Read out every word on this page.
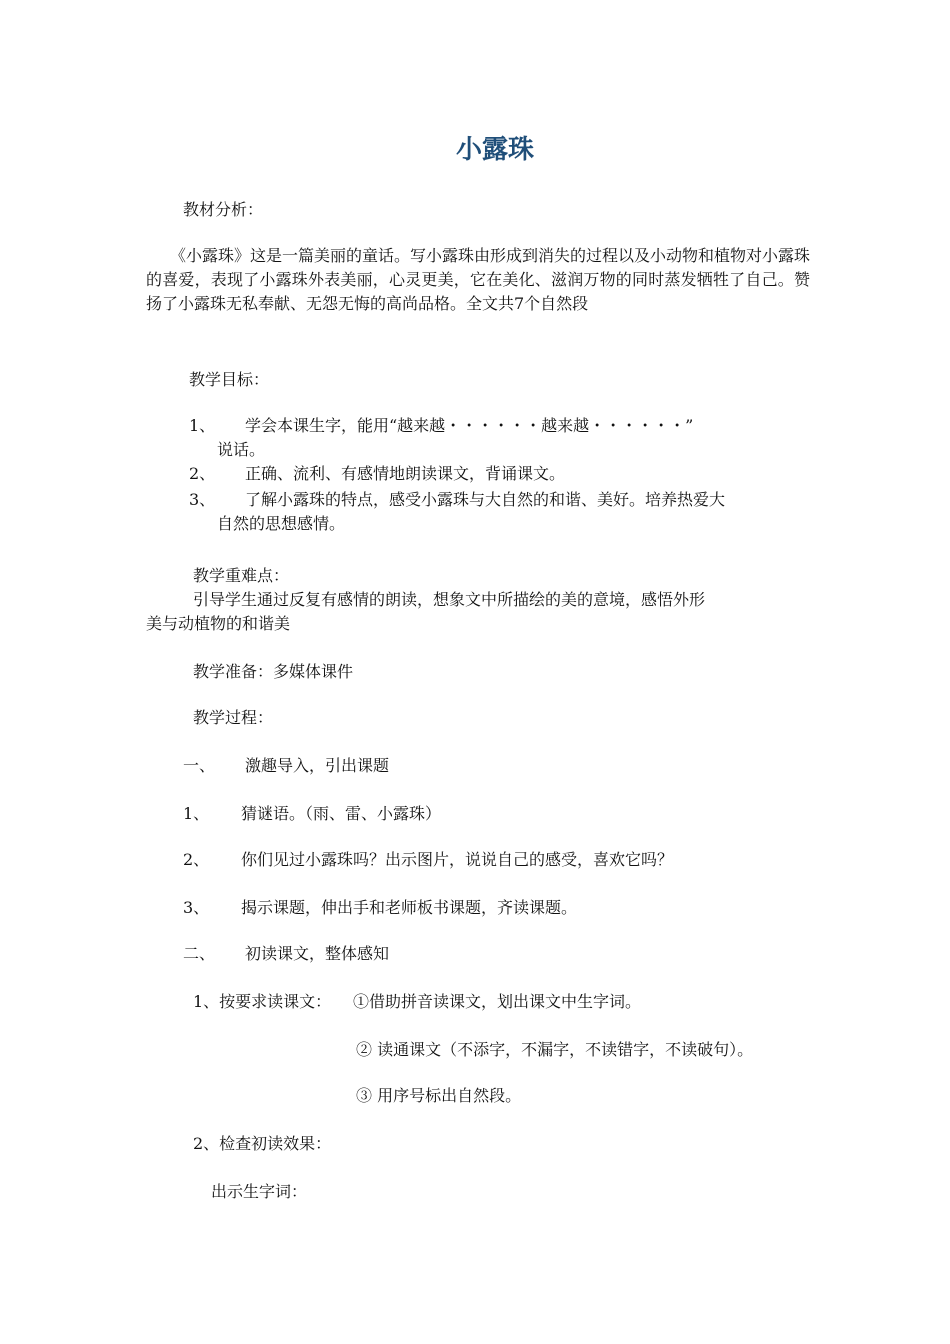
小露珠
教材分析：
《小露珠》这是一篇美丽的童话。写小露珠由形成到消失的过程以及小动物和植物对小露珠的喜爱，表现了小露珠外表美丽，心灵更美，它在美化、滋润万物的同时蒸发牺牲了自己。赞扬了小露珠无私奉献、无怨无悔的高尚品格。全文共7个自然段
教学目标：
1、 学会本课生字，能用“越来越・・・・・・越来越・・・・・・”
说话。
2、 正确、流利、有感情地朗读课文，背诵课文。
3、 了解小露珠的特点，感受小露珠与大自然的和谐、美好。培养热爱大
自然的思想感情。
教学重难点：
引导学生通过反复有感情的朗读，想象文中所描绘的美的意境，感悟外形
美与动植物的和谐美
教学准备：多媒体课件
教学过程：
一、 激趣导入，引出课题
1、 猜谜语。（雨、雷、小露珠）
2、 你们见过小露珠吗？出示图片，说说自己的感受，喜欢它吗？
3、 揭示课题，伸出手和老师板书课题，齐读课题。
二、 初读课文，整体感知
1、按要求读课文： ①借助拼音读课文，划出课文中生字词。
② 读通课文（不添字，不漏字，不读错字，不读破句）。
③ 用序号标出自然段。
2、检查初读效果：
出示生字词：
